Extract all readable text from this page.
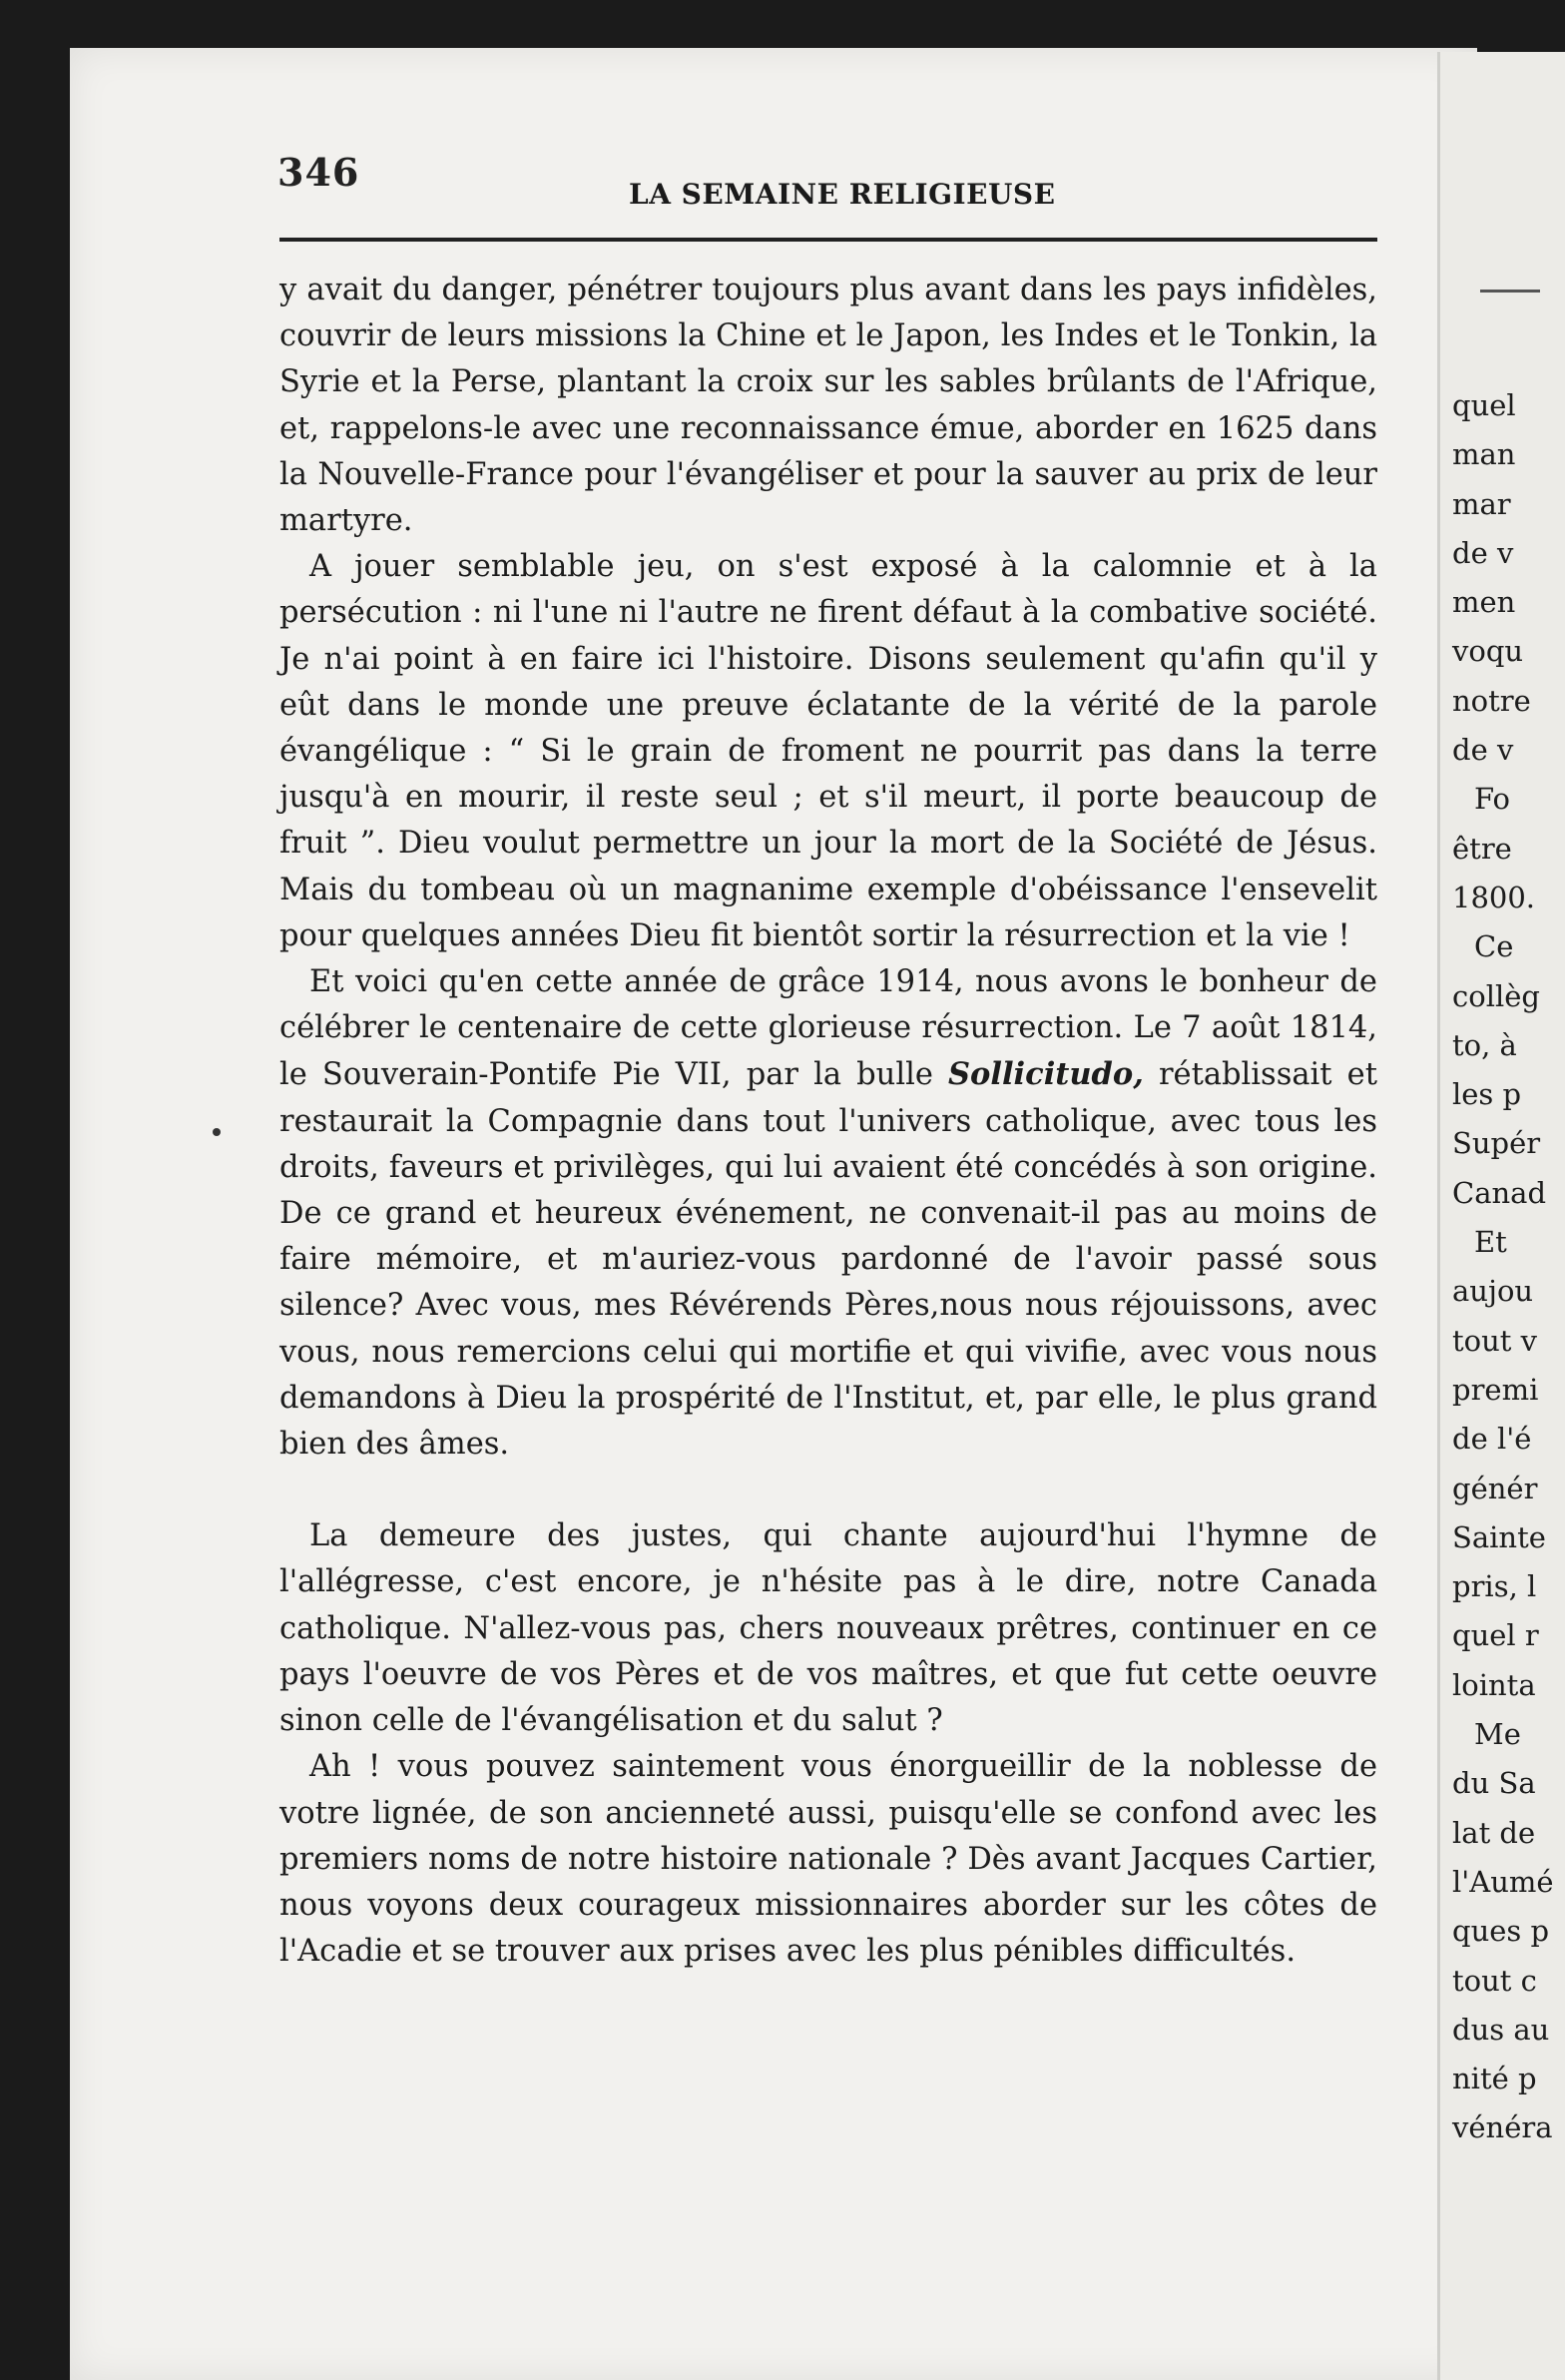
346	LA SEMAINE RELIGIEUSE

y avait du danger, pénétrer toujours plus avant dans les pays infidèles, couvrir de leurs missions la Chine et le Japon, les Indes et le Tonkin, la Syrie et la Perse, plantant la croix sur les sables brûlants de l'Afrique, et, rappelons-le avec une reconnaissance émue, aborder en 1625 dans la Nouvelle-France pour l'évangéliser et pour la sauver au prix de leur martyre.

A jouer semblable jeu, on s'est exposé à la calomnie et à la persécution : ni l'une ni l'autre ne firent défaut à la combative société. Je n'ai point à en faire ici l'histoire. Disons seulement qu'afin qu'il y eût dans le monde une preuve éclatante de la vérité de la parole évangélique : “ Si le grain de froment ne pourrit pas dans la terre jusqu'à en mourir, il reste seul ; et s'il meurt, il porte beaucoup de fruit ”. Dieu voulut permettre un jour la mort de la Société de Jésus. Mais du tombeau où un magnanime exemple d'obéissance l'ensevelit pour quelques années Dieu fit bientôt sortir la résurrection et la vie !

Et voici qu'en cette année de grâce 1914, nous avons le bonheur de célébrer le centenaire de cette glorieuse résurrection. Le 7 août 1814, le Souverain-Pontife Pie VII, par la bulle Sollicitudo, rétablissait et restaurait la Compagnie dans tout l'univers catholique, avec tous les droits, faveurs et privilèges, qui lui avaient été concédés à son origine. De ce grand et heureux événement, ne convenait-il pas au moins de faire mémoire, et m'auriez-vous pardonné de l'avoir passé sous silence? Avec vous, mes Révérends Pères,nous nous réjouissons, avec vous, nous remercions celui qui mortifie et qui vivifie, avec vous nous demandons à Dieu la prospérité de l'Institut, et, par elle, le plus grand bien des âmes.

La demeure des justes, qui chante aujourd'hui l'hymne de l'allégresse, c'est encore, je n'hésite pas à le dire, notre Canada catholique. N'allez-vous pas, chers nouveaux prêtres, continuer en ce pays l'oeuvre de vos Pères et de vos maîtres, et que fut cette oeuvre sinon celle de l'évangélisation et du salut ?

Ah ! vous pouvez saintement vous énorgueillir de la noblesse de votre lignée, de son ancienneté aussi, puisqu'elle se confond avec les premiers noms de notre histoire nationale ? Dès avant Jacques Cartier, nous voyons deux courageux missionnaires aborder sur les côtes de l'Acadie et se trouver aux prises avec les plus pénibles difficultés.

quel
man
mar
de v
men
voqu
notre
de v
Fo
être
1800.
Ce
collèg
to, à
les p
Supér
Canad
Et
aujou
tout v
premi
de l'é
génér
Sainte
pris, l
quel r
lointa
Me
du Sa
lat de
l'Aumé
ques p
tout c
dus au
nité p
vénéra
